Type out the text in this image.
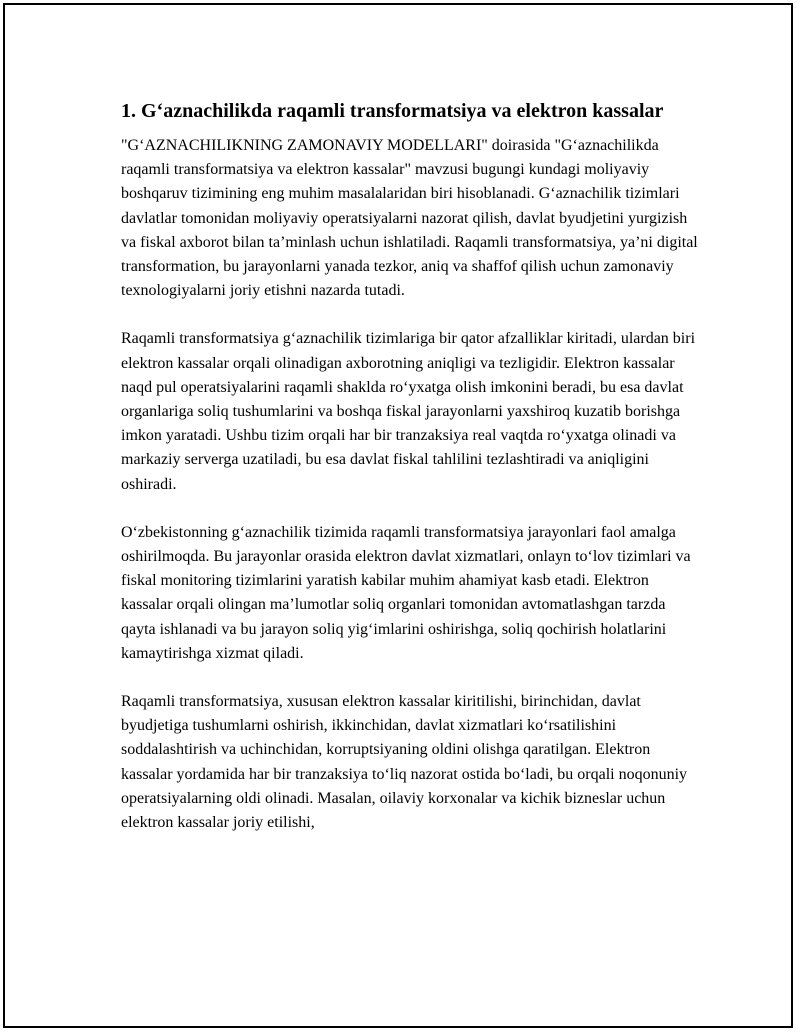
1. G‘aznachilikda raqamli transformatsiya va elektron kassalar

"G‘AZNACHILIKNING ZAMONAVIY MODELLARI" doirasida "G‘aznachilikda raqamli transformatsiya va elektron kassalar" mavzusi bugungi kundagi moliyaviy boshqaruv tizimining eng muhim masalalaridan biri hisoblanadi. G‘aznachilik tizimlari davlatlar tomonidan moliyaviy operatsiyalarni nazorat qilish, davlat byudjetini yurgizish va fiskal axborot bilan ta’minlash uchun ishlatiladi. Raqamli transformatsiya, ya’ni digital transformation, bu jarayonlarni yanada tezkor, aniq va shaffof qilish uchun zamonaviy texnologiyalarni joriy etishni nazarda tutadi.

Raqamli transformatsiya g‘aznachilik tizimlariga bir qator afzalliklar kiritadi, ulardan biri elektron kassalar orqali olinadigan axborotning aniqligi va tezligidir. Elektron kassalar naqd pul operatsiyalarini raqamli shaklda ro‘yxatga olish imkonini beradi, bu esa davlat organlariga soliq tushumlarini va boshqa fiskal jarayonlarni yaxshiroq kuzatib borishga imkon yaratadi. Ushbu tizim orqali har bir tranzaksiya real vaqtda ro‘yxatga olinadi va markaziy serverga uzatiladi, bu esa davlat fiskal tahlilini tezlashtiradi va aniqligini oshiradi.

O‘zbekistonning g‘aznachilik tizimida raqamli transformatsiya jarayonlari faol amalga oshirilmoqda. Bu jarayonlar orasida elektron davlat xizmatlari, onlayn to‘lov tizimlari va fiskal monitoring tizimlarini yaratish kabilar muhim ahamiyat kasb etadi. Elektron kassalar orqali olingan ma’lumotlar soliq organlari tomonidan avtomatlashgan tarzda qayta ishlanadi va bu jarayon soliq yig‘imlarini oshirishga, soliq qochirish holatlarini kamaytirishga xizmat qiladi.

Raqamli transformatsiya, xususan elektron kassalar kiritilishi, birinchidan, davlat byudjetiga tushumlarni oshirish, ikkinchidan, davlat xizmatlari ko‘rsatilishini soddalashtirish va uchinchidan, korruptsiyaning oldini olishga qaratilgan. Elektron kassalar yordamida har bir tranzaksiya to‘liq nazorat ostida bo‘ladi, bu orqali noqonuniy operatsiyalarning oldi olinadi. Masalan, oilaviy korxonalar va kichik bizneslar uchun elektron kassalar joriy etilishi,
